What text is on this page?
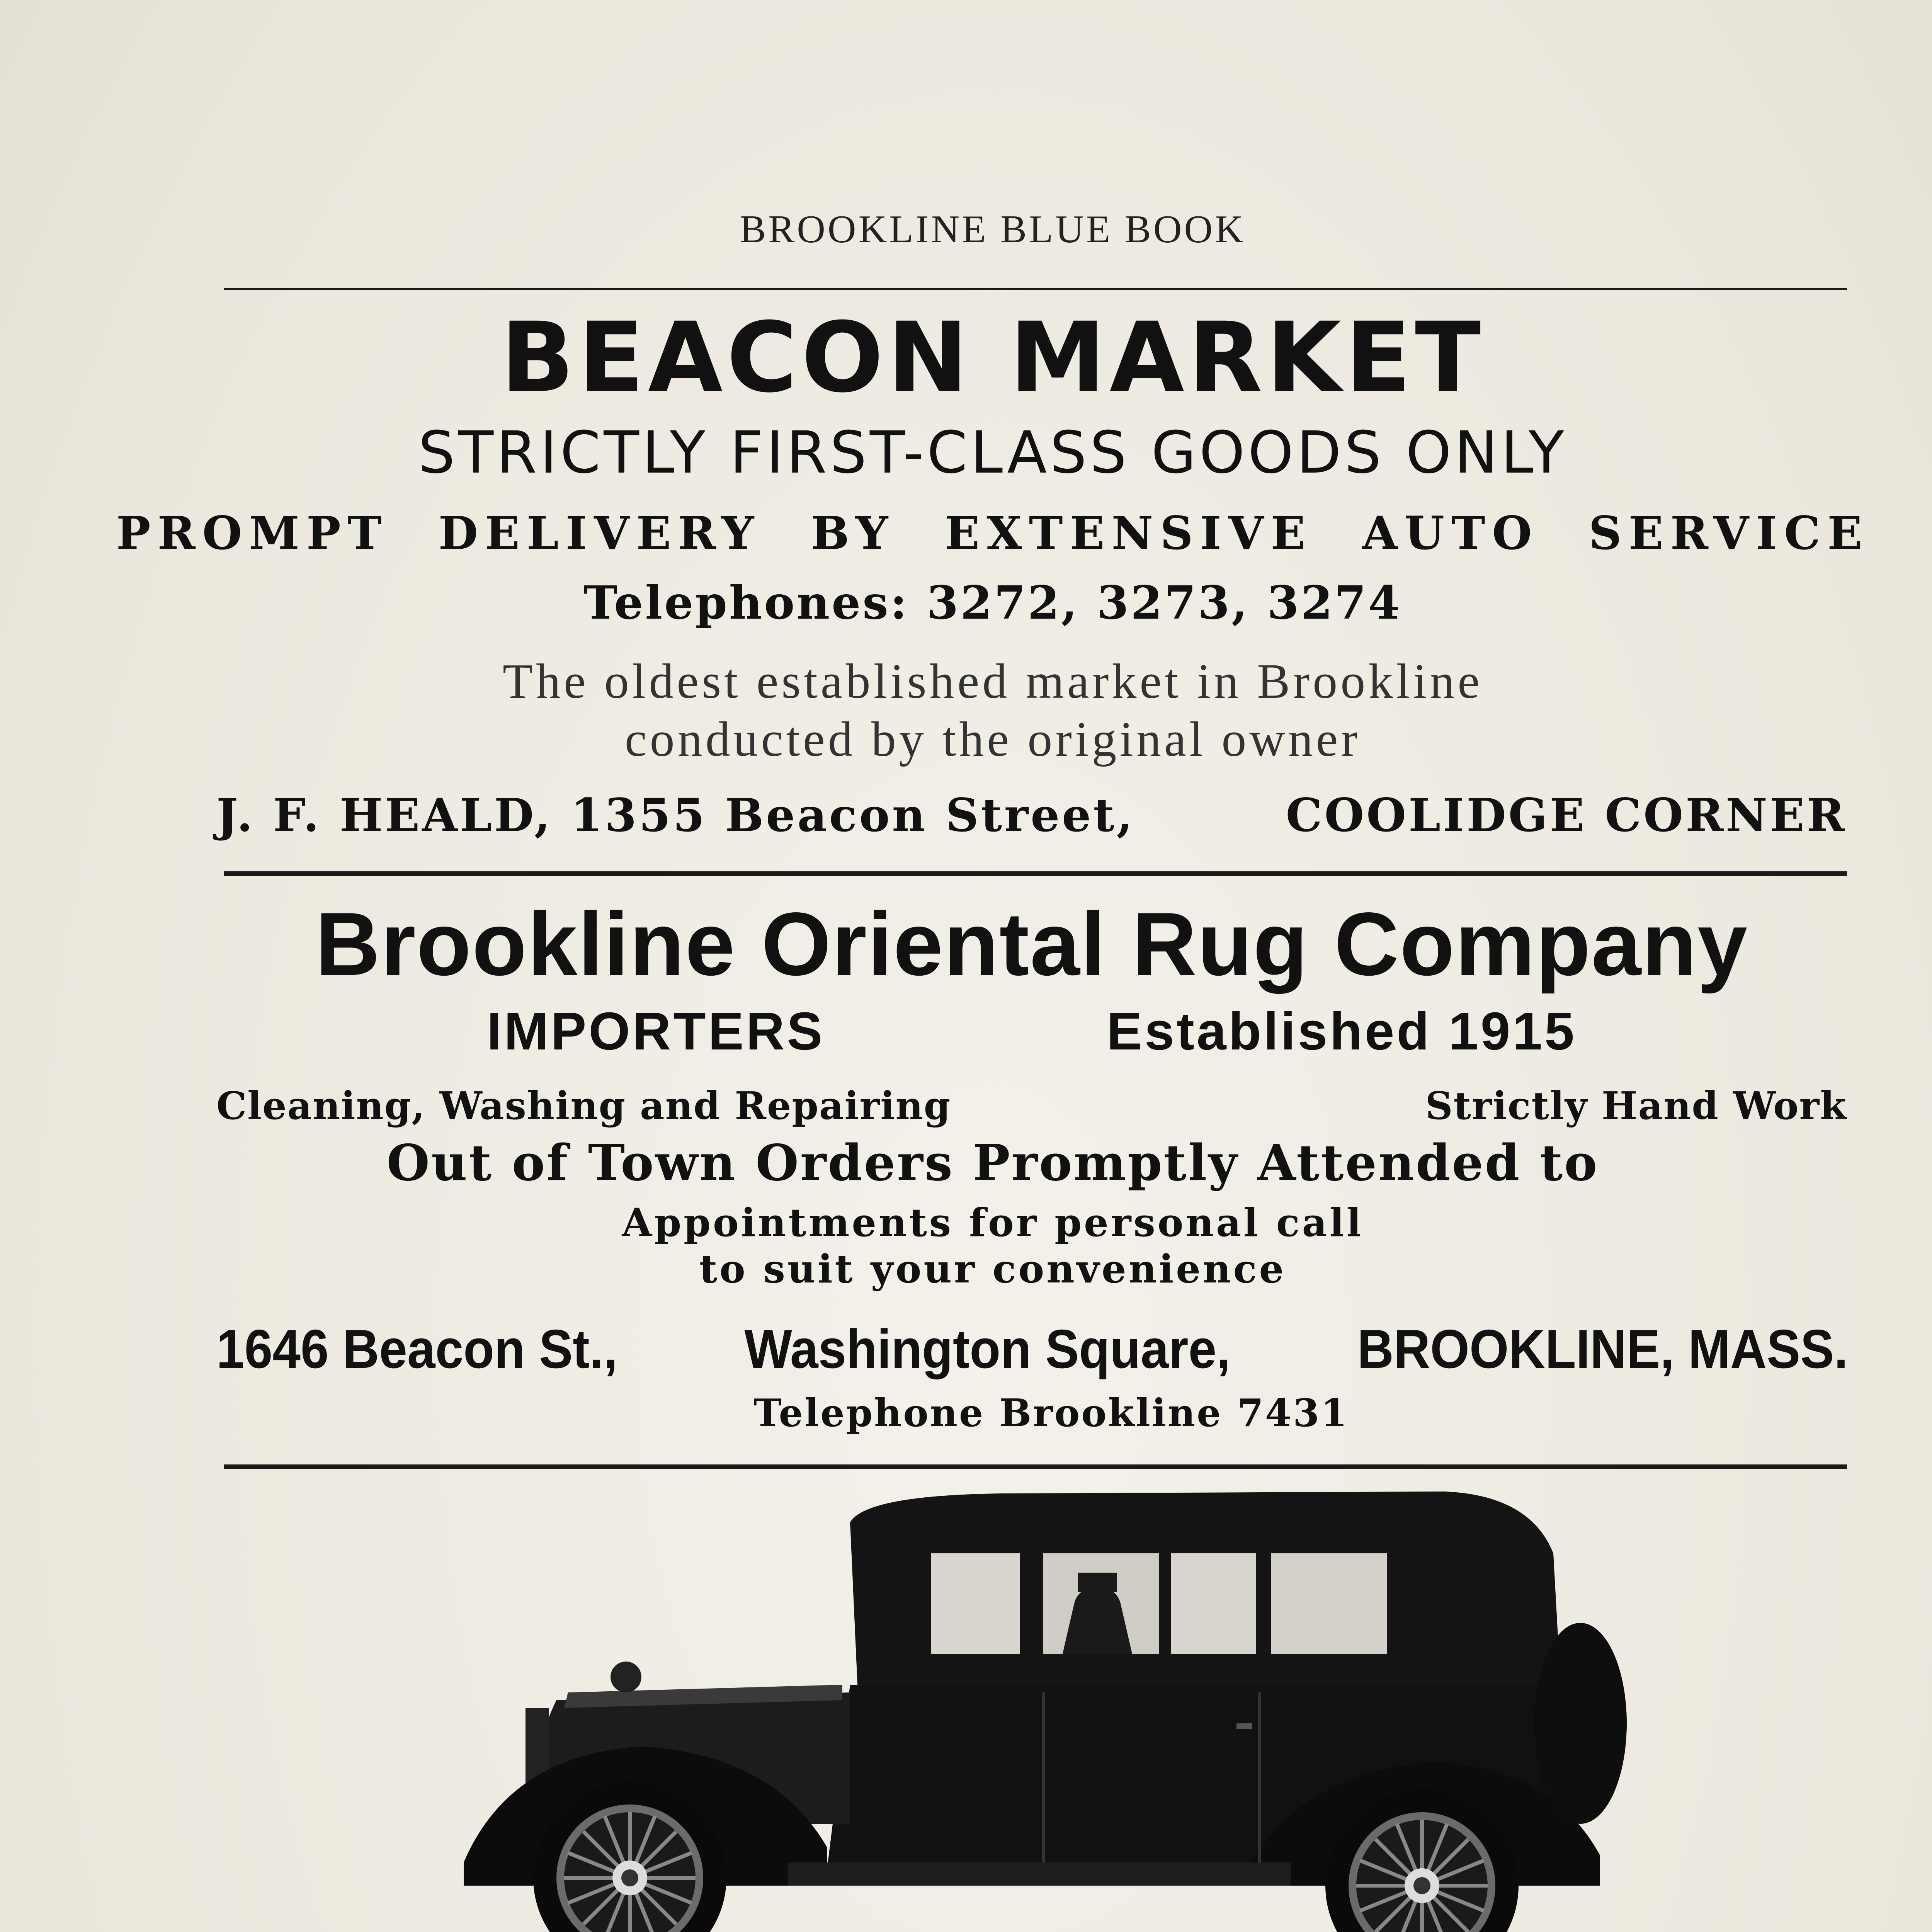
BROOKLINE BLUE BOOK
BEACON MARKET
STRICTLY FIRST-CLASS GOODS ONLY
PROMPT DELIVERY BY EXTENSIVE AUTO SERVICE
Telephones: 3272, 3273, 3274
The oldest established market in Brookline
conducted by the original owner
J. F. HEALD, 1355 Beacon Street,	COOLIDGE CORNER
Brookline Oriental Rug Company
IMPORTERS	Established 1915
Cleaning, Washing and Repairing	Strictly Hand Work
Out of Town Orders Promptly Attended to
Appointments for personal call
to suit your convenience
1646 Beacon St., Washington Square, BROOKLINE, MASS.
Telephone Brookline 7431
